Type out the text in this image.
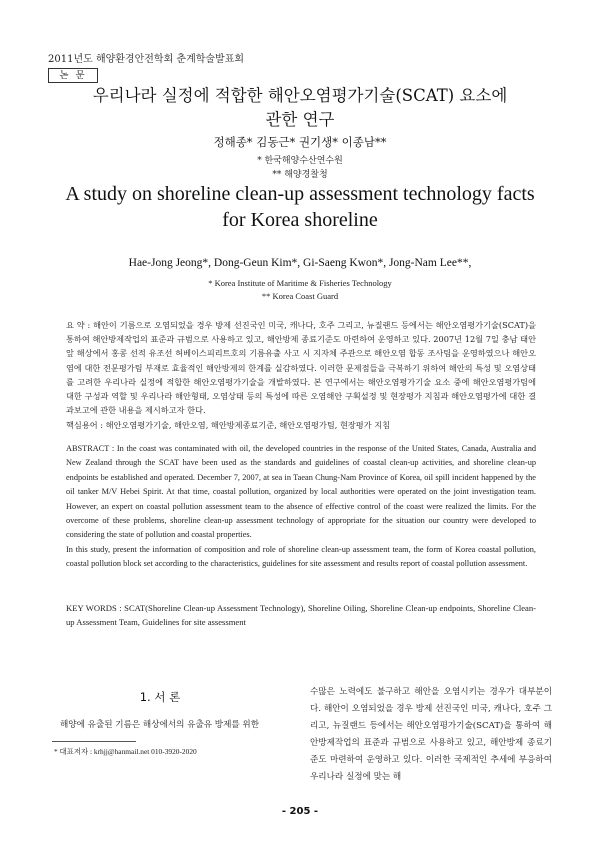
2011년도 해양환경안전학회 춘계학술발표회
논 문
우리나라 실정에 적합한 해안오염평가기술(SCAT) 요소에
관한 연구
정해종* 김동근* 권기생* 이종남**
* 한국해양수산연수원
** 해양경찰청
A study on shoreline clean-up assessment technology facts
for Korea shoreline
Hae-Jong Jeong*, Dong-Geun Kim*, Gi-Saeng Kwon*, Jong-Nam Lee**,
* Korea Institute of Maritime & Fisheries Technology
** Korea Coast Guard
요 약 : 해안이 기름으로 오염되었을 경우 방제 선진국인 미국, 캐나다, 호주 그리고, 뉴질랜드 등에서는 해안오염평가기술(SCAT)을 통하여 해안방제작업의 표준과 규범으로 사용하고 있고, 해안방제 종료기준도 마련하여 운영하고 있다. 2007년 12월 7일 충남 태안 앞 해상에서 홍콩 선적 유조선 허베이스피리트호의 기름유출 사고 시 지자체 주관으로 해안오염 합동 조사팀을 운영하였으나 해안오염에 대한 전문평가팀 부재로 효율적인 해안방제의 한계를 실감하였다. 이러한 문제점들을 극복하기 위하여 해안의 특성 및 오염상태를 고려한 우리나라 실정에 적합한 해안오염평가기술을 개발하였다. 본 연구에서는 해안오염평가기술 요소 중에 해안오염평가팀에 대한 구성과 역할 및 우리나라 해안형태, 오염상태 등의 특성에 따른 오염해안 구획설정 및 현장평가 지침과 해안오염평가에 대한 결과보고에 관한 내용을 제시하고자 한다.
핵심용어 : 해안오염평가기술, 해안오염, 해안방제종료기준, 해안오염평가팀, 현장평가 지침
ABSTRACT : In the coast was contaminated with oil, the developed countries in the response of the United States, Canada, Australia and New Zealand through the SCAT have been used as the standards and guidelines of coastal clean-up activities, and shoreline clean-up endpoints be established and operated. December 7, 2007, at sea in Taean Chung-Nam Province of Korea, oil spill incident happened by the oil tanker M/V Hebei Spirit. At that time, coastal pollution, organized by local authorities were operated on the joint investigation team. However, an expert on coastal pollution assessment team to the absence of effective control of the coast were realized the limits. For the overcome of these problems, shoreline clean-up assessment technology of appropriate for the situation our country were developed to considering the state of pollution and coastal properties.
In this study, present the information of composition and role of shoreline clean-up assessment team, the form of Korea coastal pollution, coastal pollution block set according to the characteristics, guidelines for site assessment and results report of coastal pollution assessment.
KEY WORDS : SCAT(Shoreline Clean-up Assessment Technology), Shoreline Oiling, Shoreline Clean-up endpoints, Shoreline Clean-up Assessment Team, Guidelines for site assessment
1. 서 론
해양에 유출된 기름은 해상에서의 유출유 방제를 위한
* 대표저자 : krhjj@hanmail.net 010-3920-2020
수많은 노력에도 불구하고 해안을 오염시키는 경우가 대부분이다. 해안이 오염되었을 경우 방제 선진국인 미국, 캐나다, 호주 그리고, 뉴질랜드 등에서는 해안오염평가기술(SCAT)을 통하여 해안방제작업의 표준과 규범으로 사용하고 있고, 해안방제 종료기준도 마련하여 운영하고 있다. 이러한 국제적인 추세에 부응하여 우리나라 실정에 맞는 해
- 205 -
